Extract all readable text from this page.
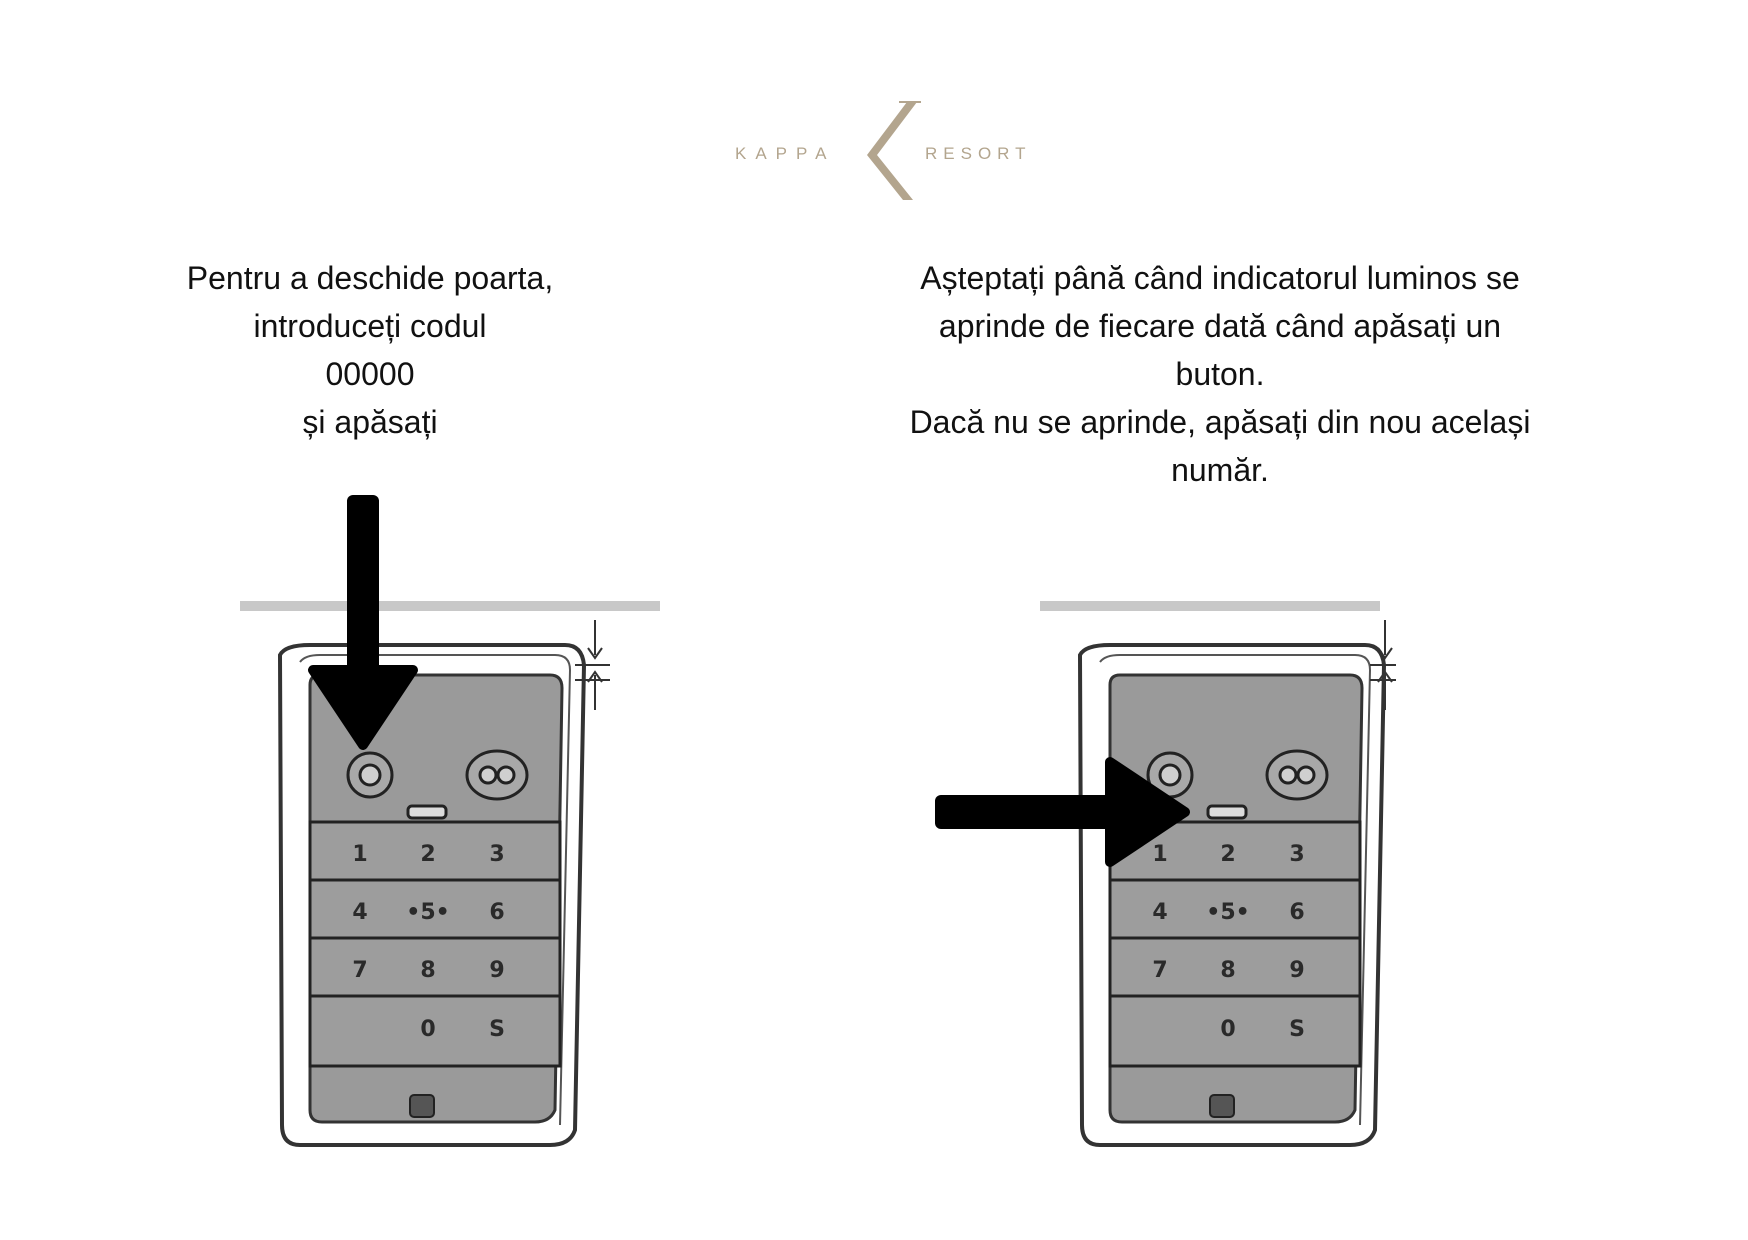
KAPPA	RESORT

Pentru a deschide poarta,

introduceți codul

00000

și apăsați

Așteptați până când indicatorul luminos se

aprinde de fiecare dată când apăsați un

buton.

Dacă nu se aprinde, apăsați din nou același

număr.

1 2 3
4 •5• 6
7 8 9
0 S
1 2 3
4 •5• 6
7 8 9
0 S
